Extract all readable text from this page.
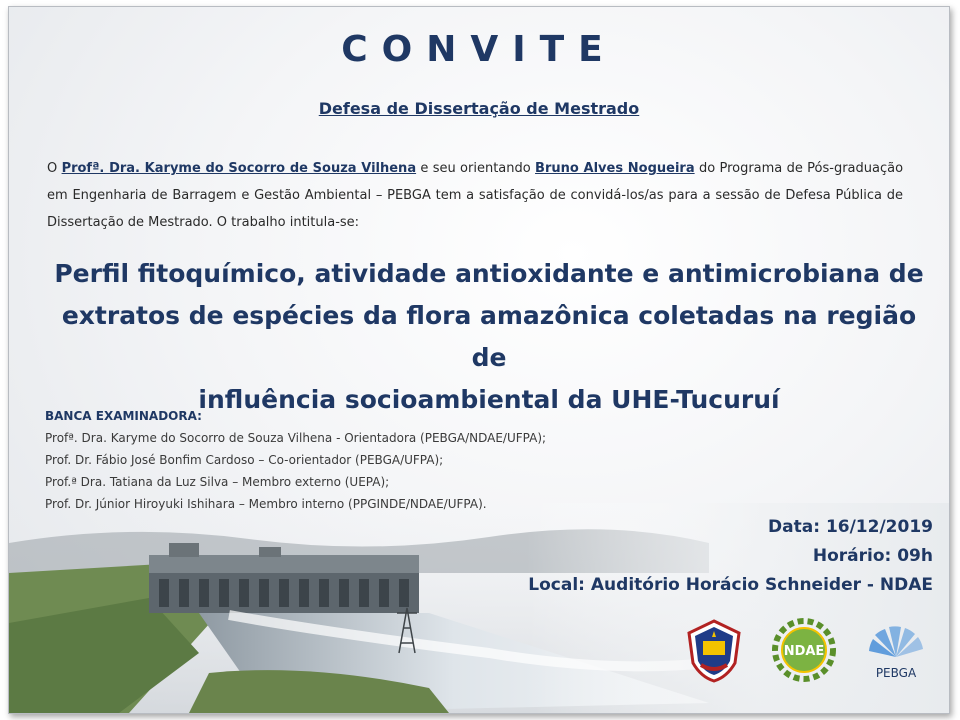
CONVITE
Defesa de Dissertação de Mestrado
O Profª. Dra. Karyme do Socorro de Souza Vilhena e seu orientando Bruno Alves Nogueira do Programa de Pós-graduação em Engenharia de Barragem e Gestão Ambiental – PEBGA tem a satisfação de convidá-los/as para a sessão de Defesa Pública de Dissertação de Mestrado. O trabalho intitula-se:
Perfil fitoquímico, atividade antioxidante e antimicrobiana de
extratos de espécies da flora amazônica coletadas na região de
influência socioambiental da UHE-Tucuruí
BANCA EXAMINADORA:
Profª. Dra. Karyme do Socorro de Souza Vilhena - Orientadora (PEBGA/NDAE/UFPA);
Prof. Dr. Fábio José Bonfim Cardoso – Co-orientador (PEBGA/UFPA);
Prof.ª Dra. Tatiana da Luz Silva – Membro externo (UEPA);
Prof. Dr. Júnior Hiroyuki Ishihara – Membro interno (PPGINDE/NDAE/UFPA).
Data: 16/12/2019
Horário: 09h
Local: Auditório Horácio Schneider - NDAE
NDAE
PEBGA
